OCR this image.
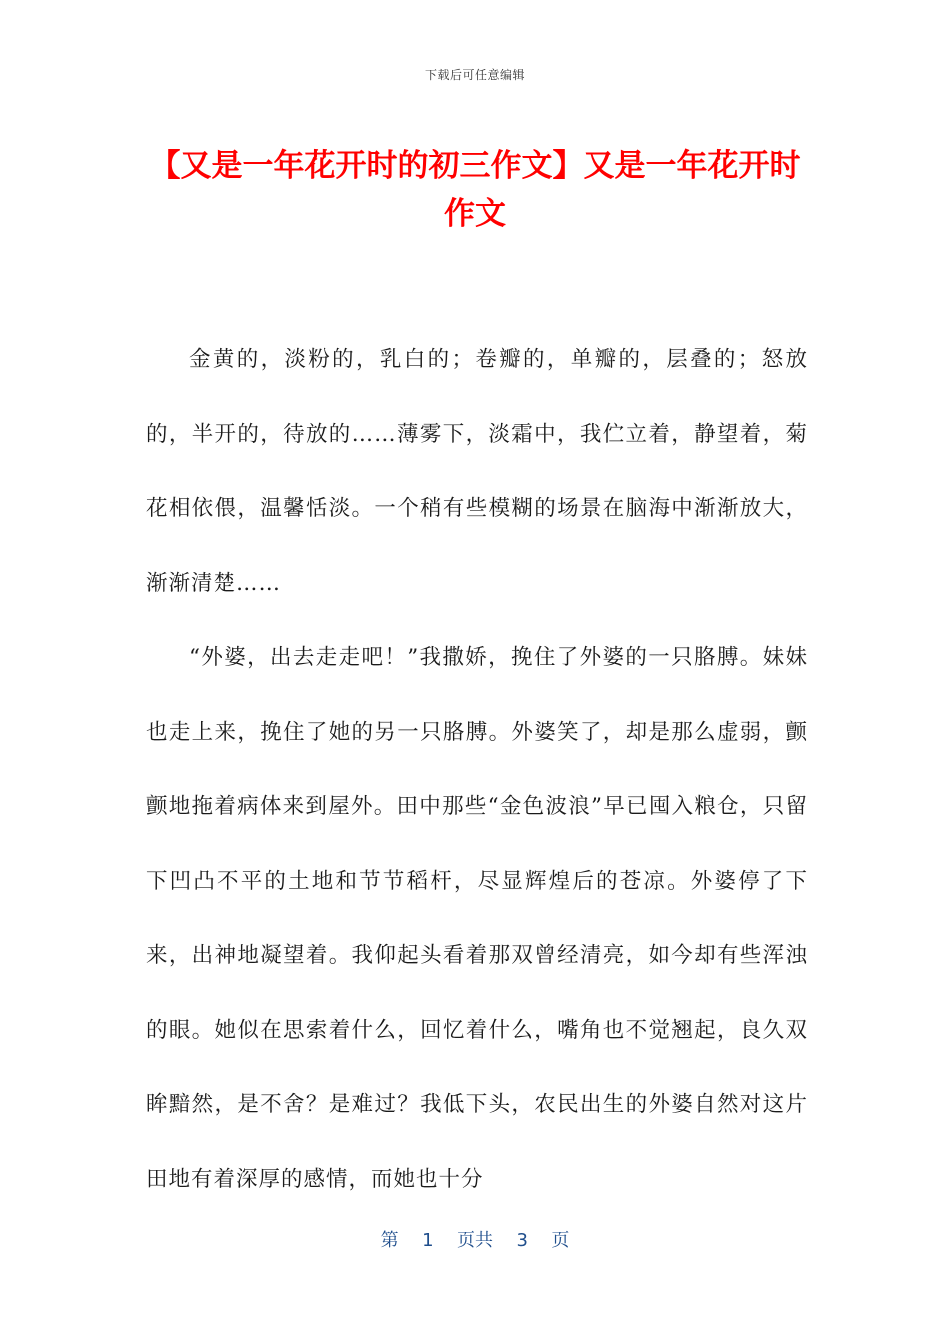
下载后可任意编辑
【又是一年花开时的初三作文】又是一年花开时作文

金黄的，淡粉的，乳白的；卷瓣的，单瓣的，层叠的；怒放的，半开的，待放的……薄雾下，淡霜中，我伫立着，静望着，菊花相依偎，温馨恬淡。一个稍有些模糊的场景在脑海中渐渐放大，渐渐清楚……

“外婆，出去走走吧！”我撒娇，挽住了外婆的一只胳膊。妹妹也走上来，挽住了她的另一只胳膊。外婆笑了，却是那么虚弱，颤颤地拖着病体来到屋外。田中那些“金色波浪”早已囤入粮仓，只留下凹凸不平的土地和节节稻杆，尽显辉煌后的苍凉。外婆停了下来，出神地凝望着。我仰起头看着那双曾经清亮，如今却有些浑浊的眼。她似在思索着什么，回忆着什么，嘴角也不觉翘起，良久双眸黯然，是不舍？是难过？我低下头，农民出生的外婆自然对这片田地有着深厚的感情，而她也十分

第  1  页共  3  页
